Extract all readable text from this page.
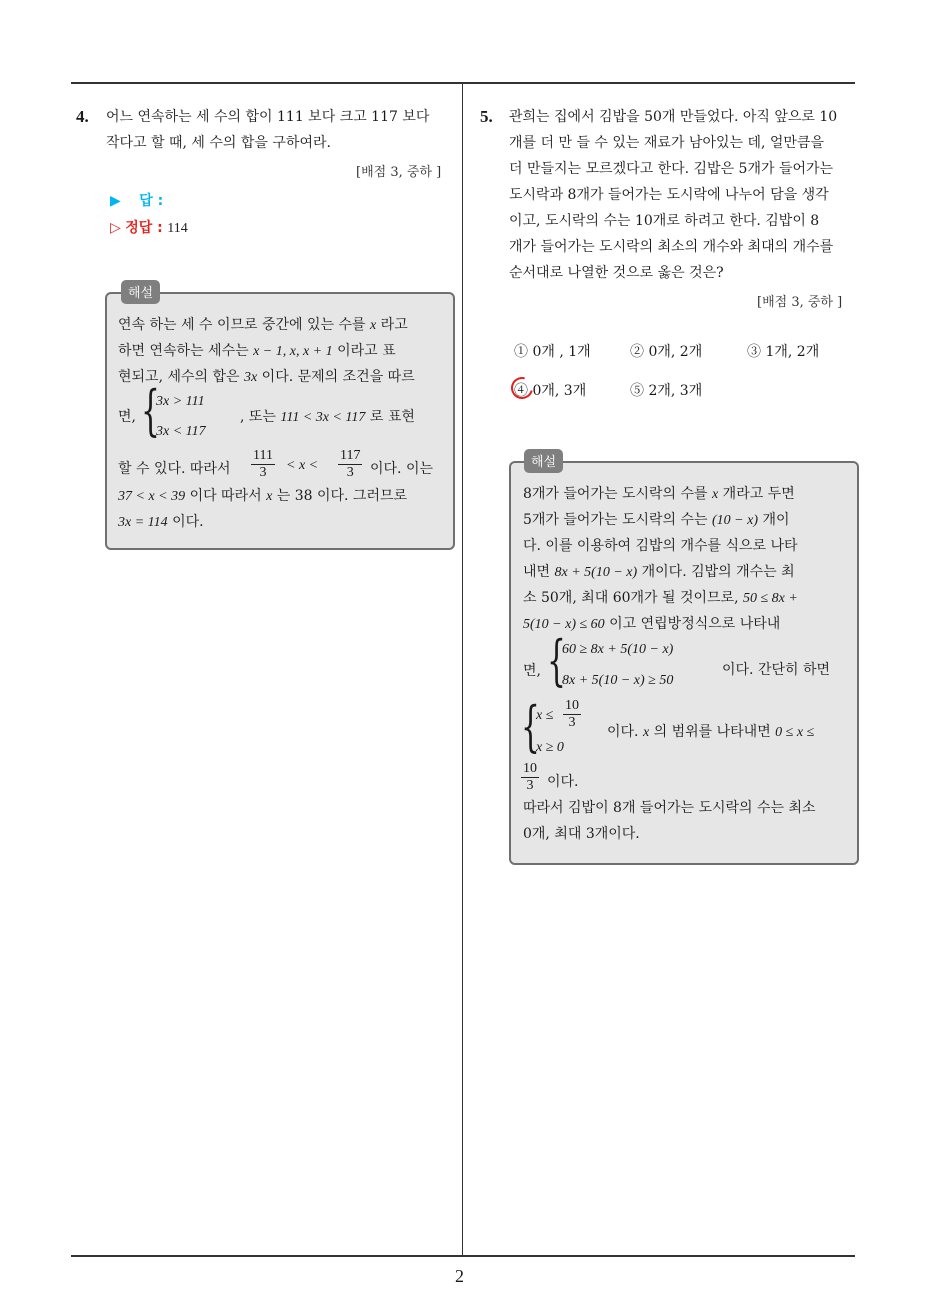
2
4. 어느 연속하는 세 수의 합이 111 보다 크고 117 보다
작다고 할 때, 세 수의 합을 구하여라.
[배점 3, 중하 ]
▶ 답 :
▷ 정답 : 114
해설
연속 하는 세 수 이므로 중간에 있는 수를 x 라고
하면 연속하는 세수는 x − 1, x, x + 1 이라고 표
현되고, 세수의 합은 3x 이다. 문제의 조건을 따르
면, {
3x > 111
3x < 117
, 또는 111 < 3x < 117 로 표현
할 수 있다. 따라서 $\frac{111}{3} < x < \frac{117}{3}$ 이다. 이는
37 < x < 39 이다 따라서 x 는 38 이다. 그러므로
3x = 114 이다.
5. 관희는 집에서 김밥을 50개 만들었다. 아직 앞으로 10
개를 더 만 들 수 있는 재료가 남아있는 데, 얼만큼을
더 만들지는 모르겠다고 한다. 김밥은 5개가 들어가는
도시락과 8개가 들어가는 도시락에 나누어 담을 생각
이고, 도시락의 수는 10개로 하려고 한다. 김밥이 8
개가 들어가는 도시락의 최소의 개수와 최대의 개수를
순서대로 나열한 것으로 옳은 것은?
[배점 3, 중하 ]
① 0개 , 1개	② 0개, 2개	③ 1개, 2개
④ 0개, 3개	⑤ 2개, 3개
해설
8개가 들어가는 도시락의 수를 x 개라고 두면
5개가 들어가는 도시락의 수는 (10 − x) 개이
다. 이를 이용하여 김밥의 개수를 식으로 나타
내면 8x + 5(10 − x) 개이다. 김밥의 개수는 최
소 50개, 최대 60개가 될 것이므로, 50 ≤ 8x +
5(10 − x) ≤ 60 이고 연립방정식으로 나타내
면, {
60 ≥ 8x + 5(10 − x)
8x + 5(10 − x) ≥ 50
이다. 간단히 하면
{
$x \le \frac{10}{3}$
x ≥ 0
이다. x 의 범위를 나타내면 0 ≤ x ≤
$\frac{10}{3}$ 이다.
따라서 김밥이 8개 들어가는 도시락의 수는 최소
0개, 최대 3개이다.
